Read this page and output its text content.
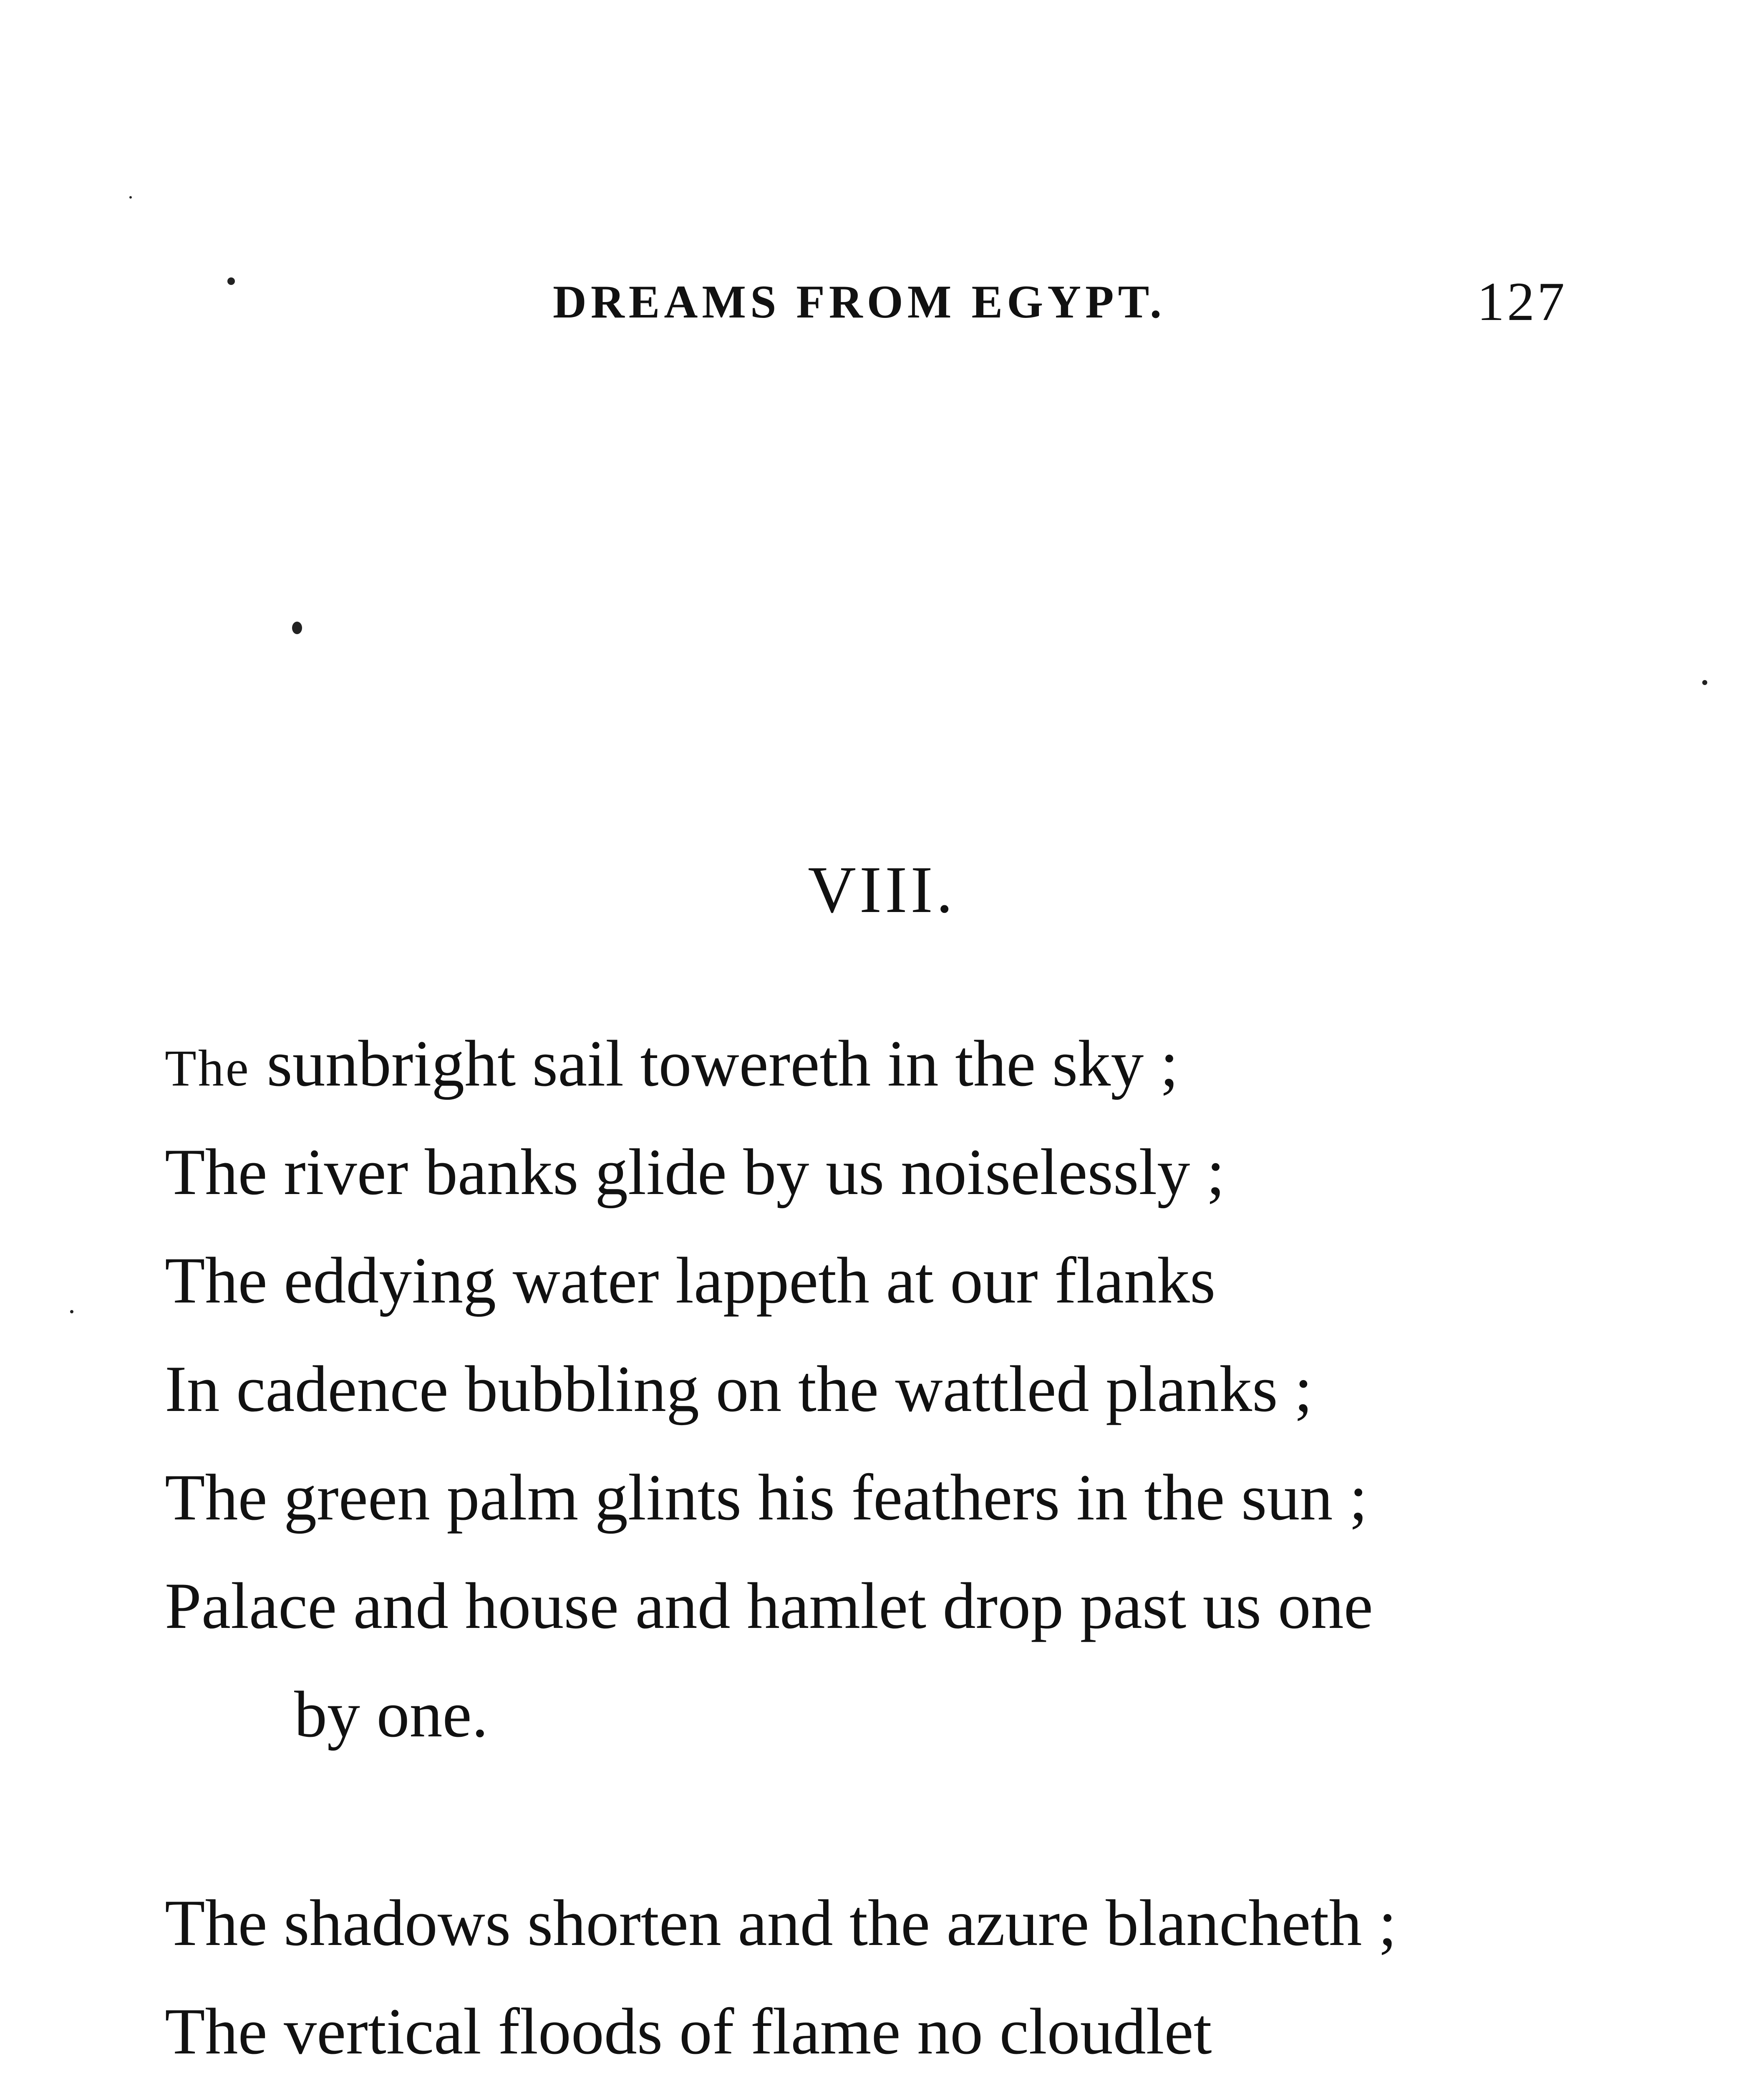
DREAMS FROM EGYPT.	127
VIII.
The sunbright sail towereth in the sky ;
The river banks glide by us noiselessly ;
The eddying water lappeth at our flanks
In cadence bubbling on the wattled planks ;
The green palm glints his feathers in the sun ;
Palace and house and hamlet drop past us one
by one.
The shadows shorten and the azure blancheth ;
The vertical floods of flame no cloudlet
